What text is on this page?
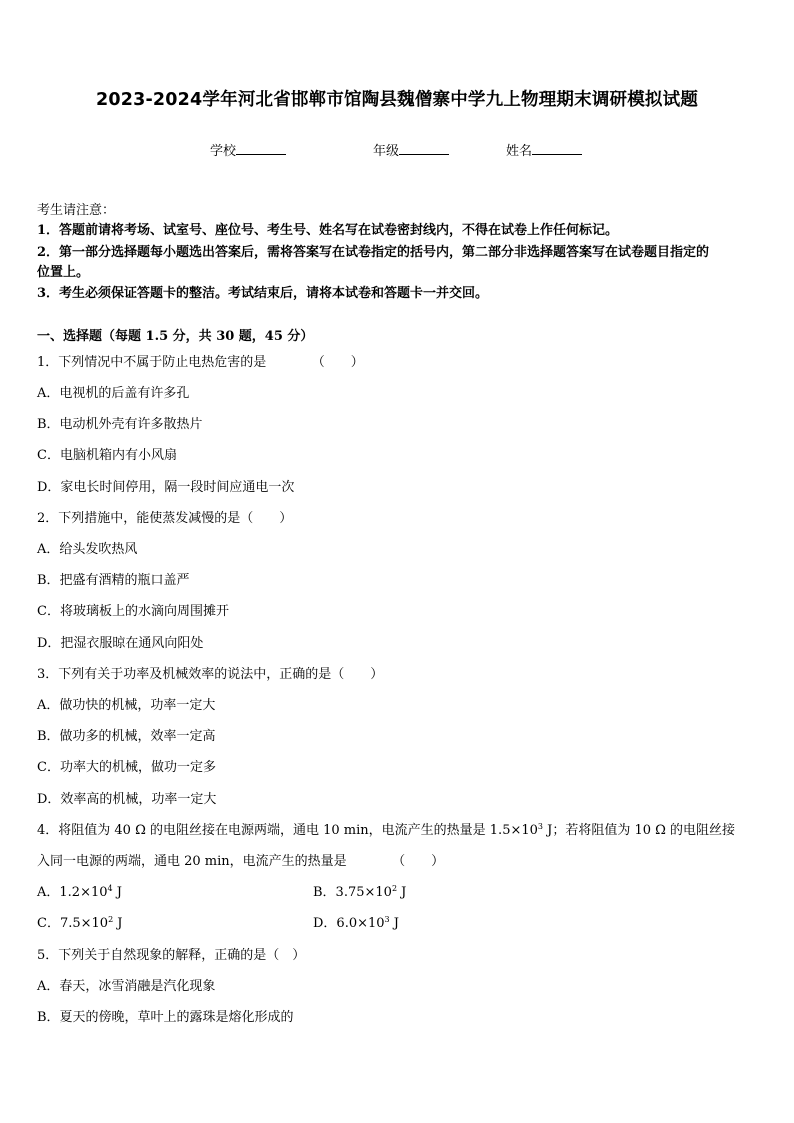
2023-2024学年河北省邯郸市馆陶县魏僧寨中学九上物理期末调研模拟试题
学校	年级	姓名
考生请注意：
1．答题前请将考场、试室号、座位号、考生号、姓名写在试卷密封线内，不得在试卷上作任何标记。
2．第一部分选择题每小题选出答案后，需将答案写在试卷指定的括号内，第二部分非选择题答案写在试卷题目指定的
位置上。
3．考生必须保证答题卡的整洁。考试结束后，请将本试卷和答题卡一并交回。
一、选择题（每题 1.5 分，共 30 题，45 分）
1．下列情况中不属于防止电热危害的是　　　　（　　）
A．电视机的后盖有许多孔
B．电动机外壳有许多散热片
C．电脑机箱内有小风扇
D．家电长时间停用，隔一段时间应通电一次
2．下列措施中，能使蒸发减慢的是（　　）
A．给头发吹热风
B．把盛有酒精的瓶口盖严
C．将玻璃板上的水滴向周围摊开
D．把湿衣服晾在通风向阳处
3．下列有关于功率及机械效率的说法中，正确的是（　　）
A．做功快的机械，功率一定大
B．做功多的机械，效率一定高
C．功率大的机械，做功一定多
D．效率高的机械，功率一定大
4．将阻值为 40 Ω 的电阻丝接在电源两端，通电 10 min，电流产生的热量是 $1.5\times 10^3$ J；若将阻值为 10 Ω 的电阻丝接
入同一电源的两端，通电 20 min，电流产生的热量是　　　　（　　）
A．$1.2\times 10^4$ J	B．$3.75\times 10^2$ J
C．$7.5\times 10^2$ J	D．$6.0\times 10^3$ J
5．下列关于自然现象的解释，正确的是（　）
A．春天，冰雪消融是汽化现象
B．夏天的傍晚，草叶上的露珠是熔化形成的
